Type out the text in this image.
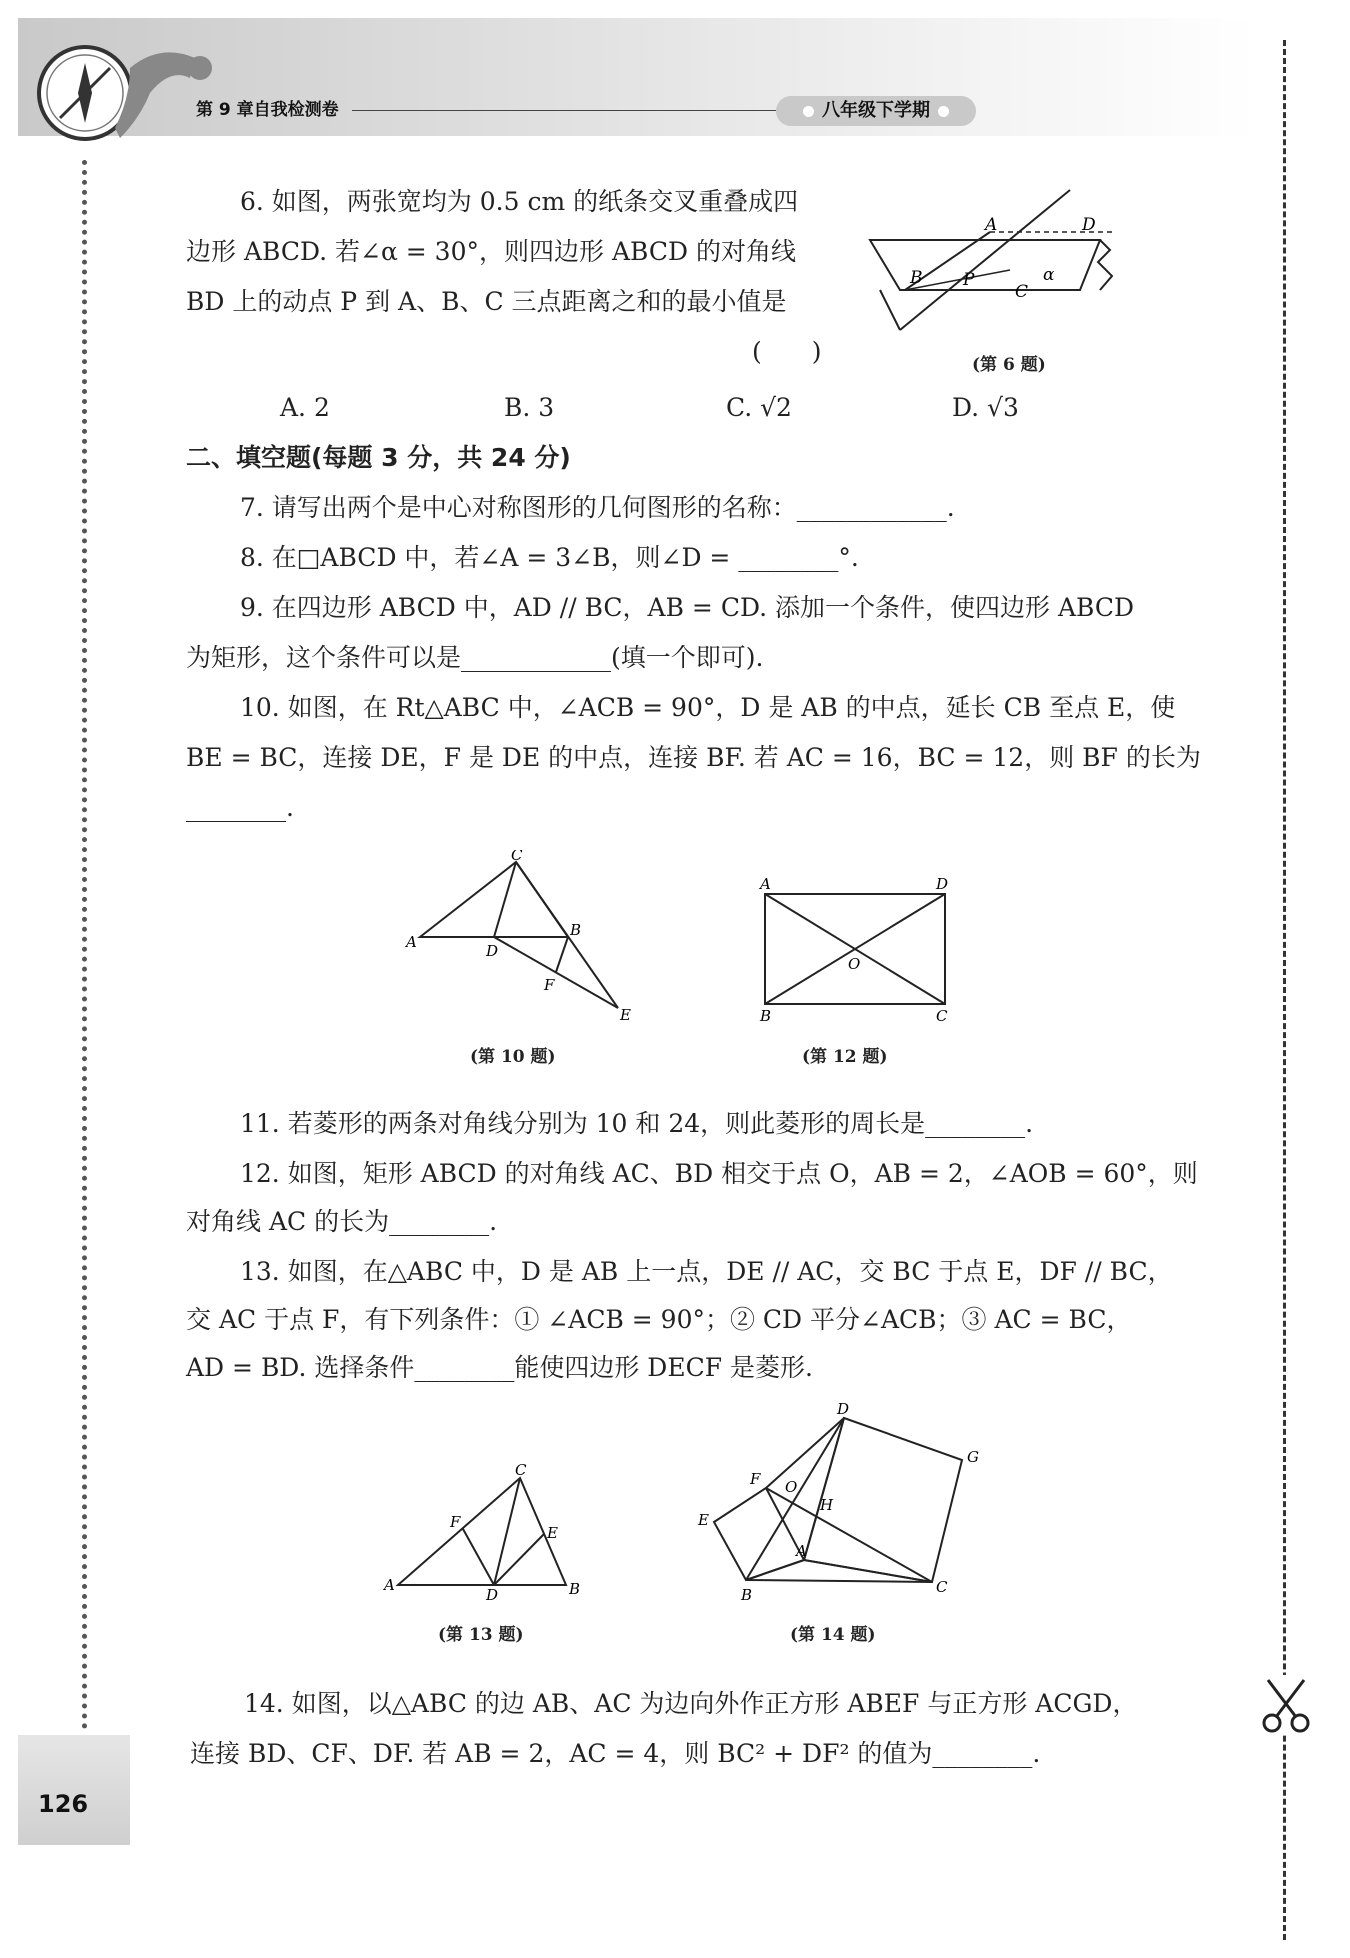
第 9 章自我检测卷	八年级下学期
126
6. 如图，两张宽均为 0.5 cm 的纸条交叉重叠成四
边形 ABCD. 若∠α = 30°，则四边形 ABCD 的对角线
BD 上的动点 P 到 A、B、C 三点距离之和的最小值是
(　　)
A	D
B P
C
α
(第 6 题)
A. 2	B. 3	C. √2	D. √3
二、填空题(每题 3 分，共 24 分)
7. 请写出两个是中心对称图形的几何图形的名称：____________.
8. 在□ABCD 中，若∠A = 3∠B，则∠D = ________°.
9. 在四边形 ABCD 中，AD // BC，AB = CD. 添加一个条件，使四边形 ABCD
为矩形，这个条件可以是____________(填一个即可).
10. 如图，在 Rt△ABC 中，∠ACB = 90°，D 是 AB 的中点，延长 CB 至点 E，使
BE = BC，连接 DE，F 是 DE 的中点，连接 BF. 若 AC = 16，BC = 12，则 BF 的长为
________.
C
A	D
B
F
E
(第 10 题)
A	D
O
B	C
(第 12 题)
11. 若菱形的两条对角线分别为 10 和 24，则此菱形的周长是________.
12. 如图，矩形 ABCD 的对角线 AC、BD 相交于点 O，AB = 2，∠AOB = 60°，则
对角线 AC 的长为________.
13. 如图，在△ABC 中，D 是 AB 上一点，DE // AC，交 BC 于点 E，DF // BC，
交 AC 于点 F，有下列条件：① ∠ACB = 90°；② CD 平分∠ACB；③ AC = BC，
AD = BD. 选择条件________能使四边形 DECF 是菱形.
C
F
E
A
D	B
(第 13 题)
D
G
F O
H
E
A
B	C
(第 14 题)
14. 如图，以△ABC 的边 AB、AC 为边向外作正方形 ABEF 与正方形 ACGD，
连接 BD、CF、DF. 若 AB = 2，AC = 4，则 BC² + DF² 的值为________.
